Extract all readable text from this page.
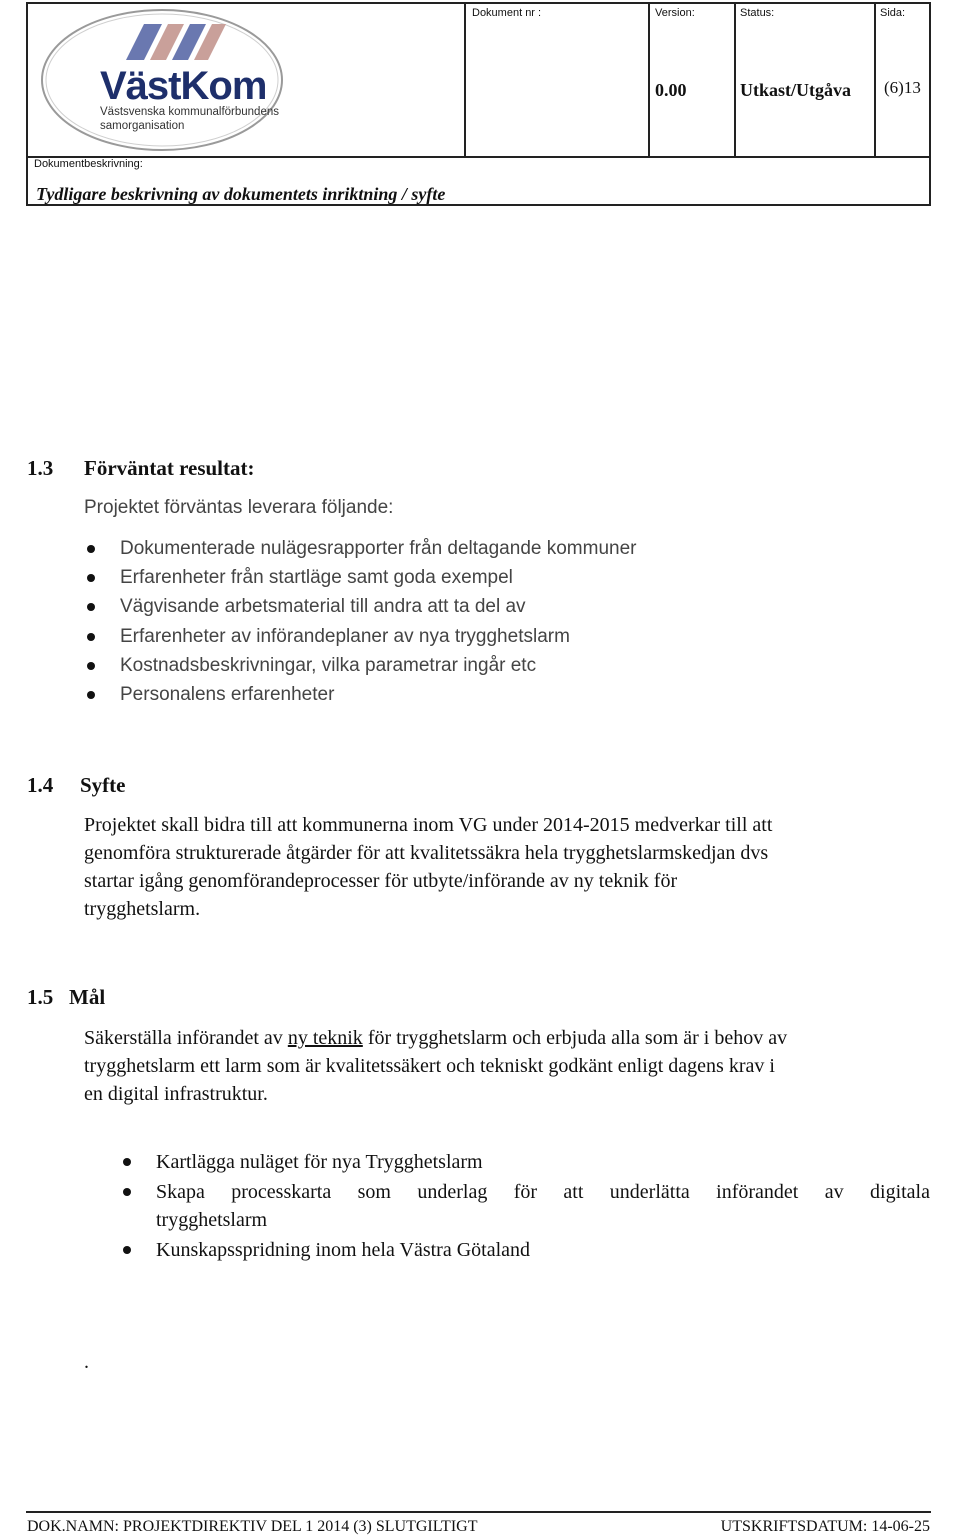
VästKom
Västsvenska kommunalförbundens
samorganisation
Dokument nr :	Version:
0.00
Status:
Utkast/Utgåva
Sida:
(6)13
Dokumentbeskrivning:
Tydligare beskrivning av dokumentets inriktning / syfte
1.3 Förväntat resultat:
Projektet förväntas leverara följande:
Dokumenterade nulägesrapporter från deltagande kommuner
Erfarenheter från startläge samt goda exempel
Vägvisande arbetsmaterial till andra att ta del av
Erfarenheter av införandeplaner av nya trygghetslarm
Kostnadsbeskrivningar, vilka parametrar ingår etc
Personalens erfarenheter
1.4 Syfte
Projektet skall bidra till att kommunerna inom VG under 2014-2015 medverkar till att
genomföra strukturerade åtgärder för att kvalitetssäkra hela trygghetslarmskedjan dvs
startar igång genomförandeprocesser för utbyte/införande av ny teknik för
trygghetslarm.
1.5 Mål
Säkerställa införandet av ny teknik för trygghetslarm och erbjuda alla som är i behov av
trygghetslarm ett larm som är kvalitetssäkert och tekniskt godkänt enligt dagens krav i
en digital infrastruktur.
Kartlägga nuläget för nya Trygghetslarm
Skapa processkarta som underlag för att underlätta införandet av digitala
trygghetslarm
Kunskapsspridning inom hela Västra Götaland
.
DOK.NAMN: PROJEKTDIREKTIV DEL 1 2014 (3) SLUTGILTIGT	UTSKRIFTSDATUM: 14-06-25
